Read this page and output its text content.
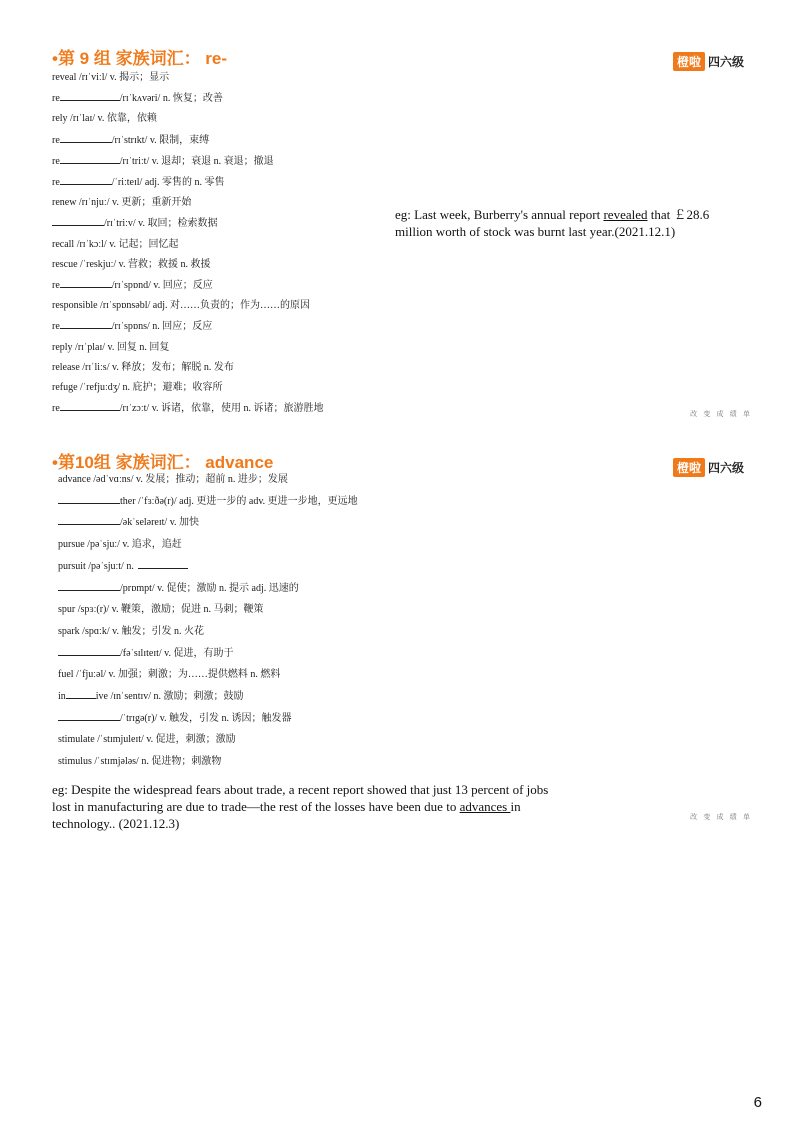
•第 9 组 家族词汇： re-	橙啦 四六级
reveal /rɪˈviːl/ v. 揭示；显示
re	/rɪˈkʌvəri/ n. 恢复；改善
rely /rɪˈlaɪ/ v. 依靠，依赖
re	/rɪˈstrɪkt/ v. 限制，束缚
re	/rɪˈtriːt/ v. 退却；衰退 n. 衰退；撤退
re	/ˈriːteɪl/ adj. 零售的 n. 零售
renew /rɪˈnjuː/ v. 更新；重新开始
/rɪˈtriːv/ v. 取回；检索数据
recall /rɪˈkɔːl/ v. 记起；回忆起
rescue /ˈreskjuː/ v. 营救；救援 n. 救援
re	/rɪˈspɒnd/ v. 回应；反应
responsible /rɪˈspɒnsəbl/ adj. 对……负责的；作为……的原因
re	/rɪˈspɒns/ n. 回应；反应
reply /rɪˈplaɪ/ v. 回复 n. 回复
release /rɪˈliːs/ v. 释放；发布；解脱 n. 发布
refuge /ˈrefjuːdʒ/ n. 庇护；避难；收容所
re	/rɪˈzɔːt/ v. 诉诸，依靠，使用 n. 诉诸；旅游胜地
eg: Last week, Burberry's annual report revealed that ￡28.6 million worth of stock was burnt last year.(2021.12.1)
改 变 成 绩 单
•第10组 家族词汇： advance	橙啦 四六级
advance /ədˈvɑːns/ v. 发展；推动；超前 n. 进步；发展
ther /ˈfɜːðə(r)/ adj. 更进一步的 adv. 更进一步地，更远地
/əkˈseləreɪt/ v. 加快
pursue /pəˈsjuː/ v. 追求，追赶
pursuit /pəˈsjuːt/ n.
/prɒmpt/ v. 促使；激励 n. 提示 adj. 迅速的
spur /spɜː(r)/ v. 鞭策，激励；促进 n. 马刺；鞭策
spark /spɑːk/ v. 触发；引发 n. 火花
/fəˈsɪlɪteɪt/ v. 促进，有助于
fuel /ˈfjuːəl/ v. 加强；刺激；为……提供燃料 n. 燃料
in	ive /ɪnˈsentɪv/ n. 激励；刺激；鼓励
/ˈtrɪgə(r)/ v. 触发，引发 n. 诱因；触发器
stimulate /ˈstɪmjuleɪt/ v. 促进，刺激；激励
stimulus /ˈstɪmjələs/ n. 促进物；刺激物
eg: Despite the widespread fears about trade, a recent report showed that just 13 percent of jobs lost in manufacturing are due to trade—the rest of the losses have been due to advances in technology.. (2021.12.3)	改 变 成 绩 单
6
